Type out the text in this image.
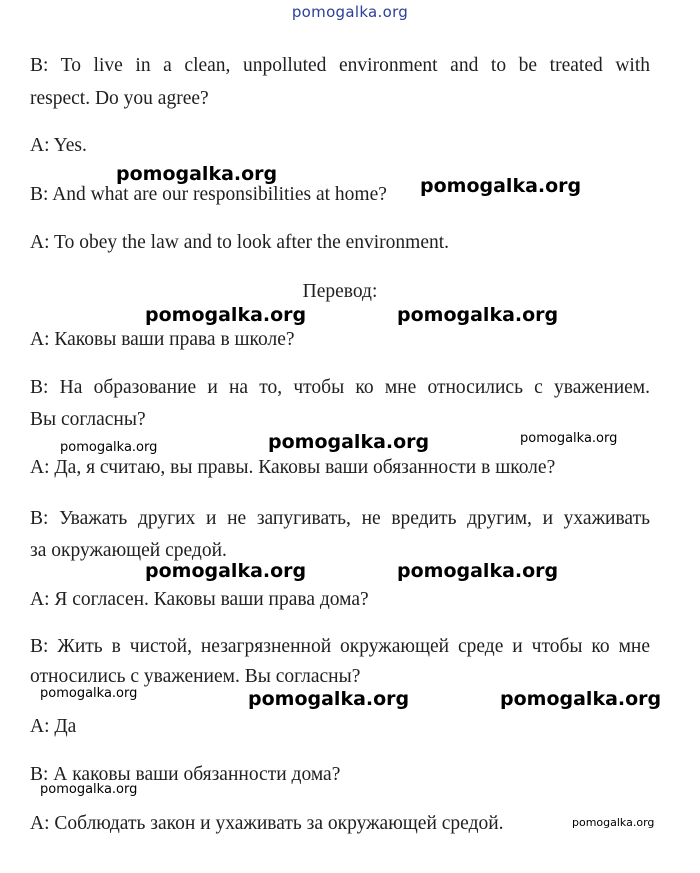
pomogalka.org
B: To live in a clean, unpolluted environment and to be treated with
respect. Do you agree?
A: Yes.
B: And what are our responsibilities at home?
A: To obey the law and to look after the environment.
Перевод:
А: Каковы ваши права в школе?
В: На образование и на то, чтобы ко мне относились с уважением.
Вы согласны?
А: Да, я считаю, вы правы. Каковы ваши обязанности в школе?
В: Уважать других и не запугивать, не вредить другим, и ухаживать
за окружающей средой.
А: Я согласен. Каковы ваши права дома?
В: Жить в чистой, незагрязненной окружающей среде и чтобы ко мне
относились с уважением. Вы согласны?
А: Да
В: А каковы ваши обязанности дома?
А: Соблюдать закон и ухаживать за окружающей средой.
pomogalka.org
pomogalka.org
pomogalka.org	pomogalka.org
pomogalka.org
pomogalka.org
pomogalka.org
pomogalka.org	pomogalka.org
pomogalka.org	pomogalka.org	pomogalka.org
pomogalka.org
pomogalka.org
